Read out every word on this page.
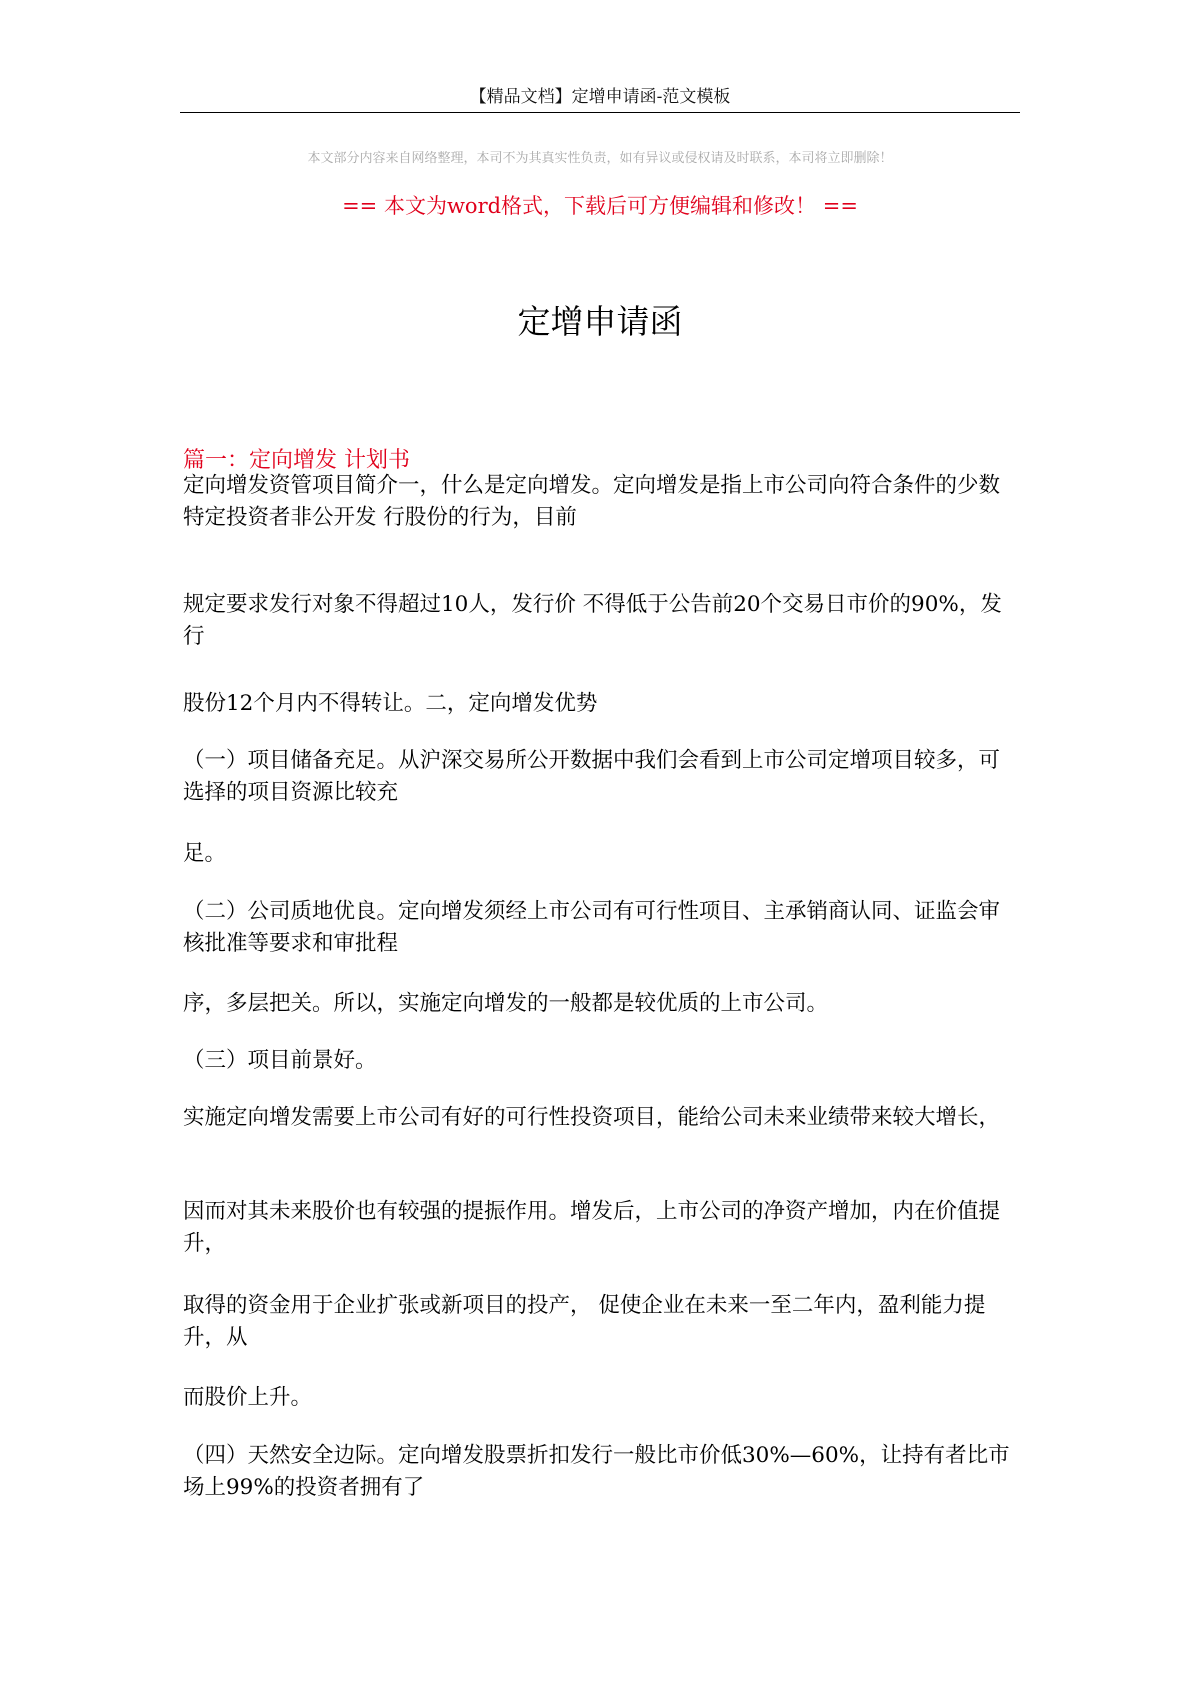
【精品文档】定增申请函-范文模板
本文部分内容来自网络整理，本司不为其真实性负责，如有异议或侵权请及时联系，本司将立即删除！
== 本文为word格式，下载后可方便编辑和修改！ ==
定增申请函
篇一：定向增发 计划书
定向增发资管项目简介一，什么是定向增发。定向增发是指上市公司向符合条件的少数特定投资者非公开发 行股份的行为，目前
规定要求发行对象不得超过10人，发行价 不得低于公告前20个交易日市价的90%，发行
股份12个月内不得转让。二，定向增发优势
（一）项目储备充足。从沪深交易所公开数据中我们会看到上市公司定增项目较多，可选择的项目资源比较充
足。
（二）公司质地优良。定向增发须经上市公司有可行性项目、主承销商认同、证监会审核批准等要求和审批程
序，多层把关。所以，实施定向增发的一般都是较优质的上市公司。
（三）项目前景好。
实施定向增发需要上市公司有好的可行性投资项目，能给公司未来业绩带来较大增长，
因而对其未来股价也有较强的提振作用。增发后，上市公司的净资产增加，内在价值提升，
取得的资金用于企业扩张或新项目的投产， 促使企业在未来一至二年内，盈利能力提升，从
而股价上升。
（四）天然安全边际。定向增发股票折扣发行一般比市价低30%—60%，让持有者比市场上99%的投资者拥有了
